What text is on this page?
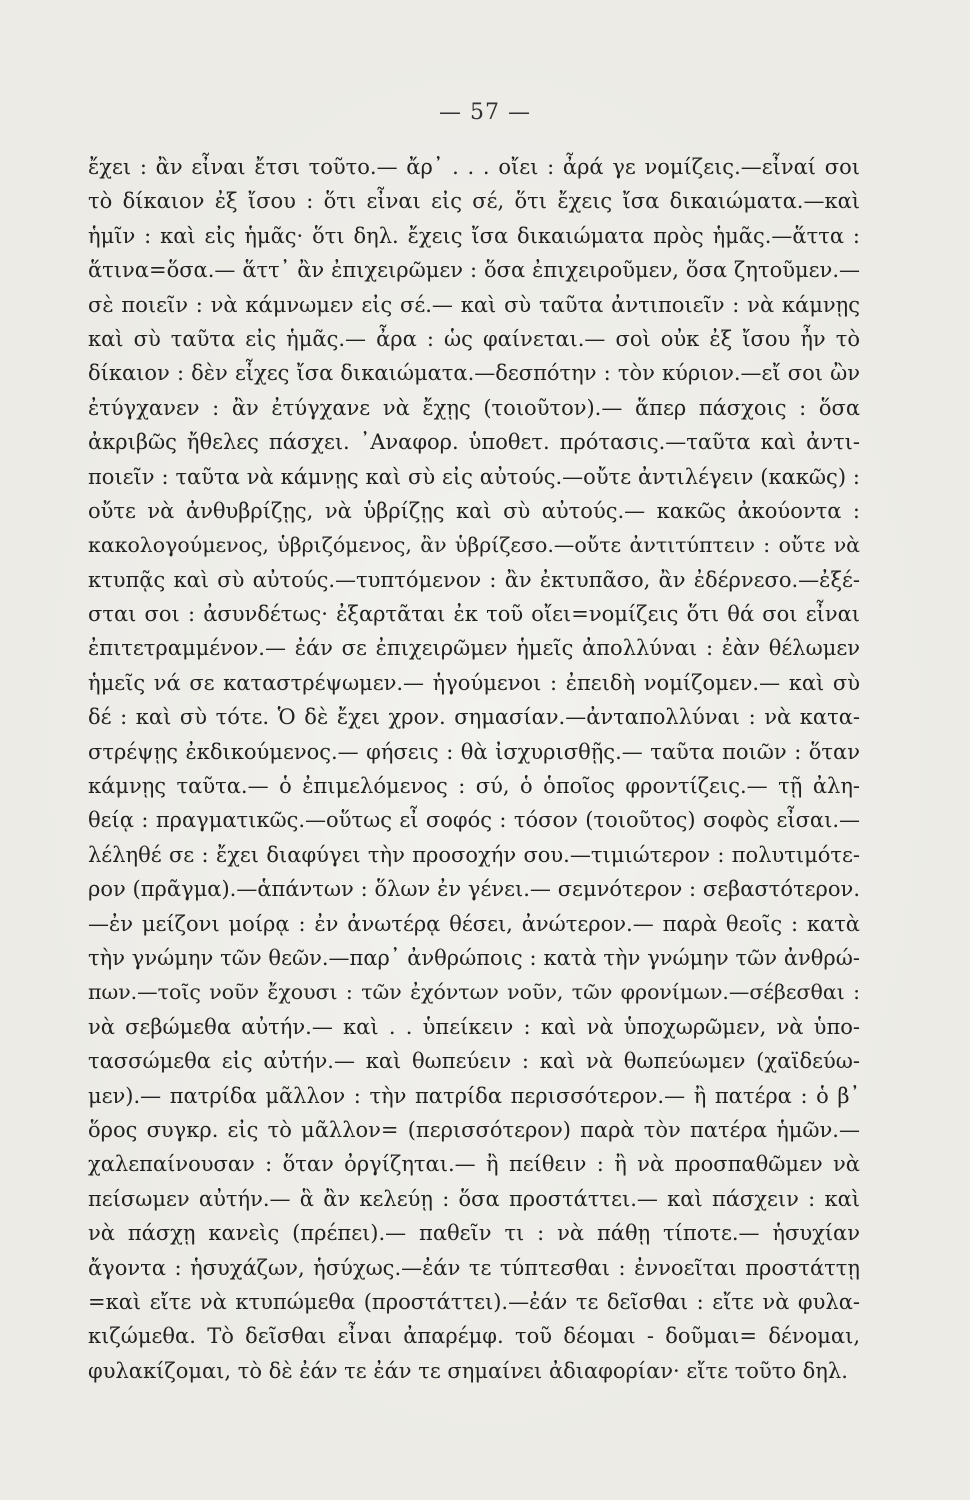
— 57 —
ἔχει : ἂν εἶναι ἔτσι τοῦτο.— ἄρ᾽ . . . οἴει : ἆρά γε νομίζεις.—εἶναί σοι
τὸ δίκαιον ἐξ ἴσου : ὅτι εἶναι εἰς σέ, ὅτι ἔχεις ἴσα δικαιώματα.—καὶ
ἡμῖν : καὶ εἰς ἡμᾶς· ὅτι δηλ. ἔχεις ἴσα δικαιώματα πρὸς ἡμᾶς.—ἅττα :
ἅτινα=ὅσα.— ἅττ᾽ ἂν ἐπιχειρῶμεν : ὅσα ἐπιχειροῦμεν, ὅσα ζητοῦμεν.—
σὲ ποιεῖν : νὰ κάμνωμεν εἰς σέ.— καὶ σὺ ταῦτα ἀντιποιεῖν : νὰ κάμνῃς
καὶ σὺ ταῦτα εἰς ἡμᾶς.— ἆρα : ὡς φαίνεται.— σοὶ οὐκ ἐξ ἴσου ἦν τὸ
δίκαιον : δὲν εἶχες ἴσα δικαιώματα.—δεσπότην : τὸν κύριον.—εἴ σοι ὢν
ἐτύγχανεν : ἂν ἐτύγχανε νὰ ἔχῃς (τοιοῦτον).— ἅπερ πάσχοις : ὅσα
ἀκριβῶς ἤθελες πάσχει. ᾽Αναφορ. ὑποθετ. πρότασις.—ταῦτα καὶ ἀντι-
ποιεῖν : ταῦτα νὰ κάμνῃς καὶ σὺ εἰς αὐτούς.—οὔτε ἀντιλέγειν (κακῶς) :
οὔτε νὰ ἀνθυβρίζῃς, νὰ ὑβρίζῃς καὶ σὺ αὐτούς.— κακῶς ἀκούοντα :
κακολογούμενος, ὑβριζόμενος, ἂν ὑβρίζεσο.—οὔτε ἀντιτύπτειν : οὔτε νὰ
κτυπᾷς καὶ σὺ αὐτούς.—τυπτόμενον : ἂν ἐκτυπᾶσο, ἂν ἐδέρνεσο.—ἐξέ-
σται σοι : ἀσυνδέτως· ἐξαρτᾶται ἐκ τοῦ οἴει=νομίζεις ὅτι θά σοι εἶναι
ἐπιτετραμμένον.— ἐάν σε ἐπιχειρῶμεν ἡμεῖς ἀπολλύναι : ἐὰν θέλωμεν
ἡμεῖς νά σε καταστρέψωμεν.— ἡγούμενοι : ἐπειδὴ νομίζομεν.— καὶ σὺ
δέ : καὶ σὺ τότε. Ὁ δὲ ἔχει χρον. σημασίαν.—ἀνταπολλύναι : νὰ κατα-
στρέψῃς ἐκδικούμενος.— φήσεις : θὰ ἰσχυρισθῇς.— ταῦτα ποιῶν : ὅταν
κάμνῃς ταῦτα.— ὁ ἐπιμελόμενος : σύ, ὁ ὁποῖος φροντίζεις.— τῇ ἀλη-
θείᾳ : πραγματικῶς.—οὕτως εἶ σοφός : τόσον (τοιοῦτος) σοφὸς εἶσαι.—
λέληθέ σε : ἔχει διαφύγει τὴν προσοχήν σου.—τιμιώτερον : πολυτιμότε-
ρον (πρᾶγμα).—ἁπάντων : ὅλων ἐν γένει.— σεμνότερον : σεβαστότερον.
—ἐν μείζονι μοίρᾳ : ἐν ἀνωτέρᾳ θέσει, ἀνώτερον.— παρὰ θεοῖς : κατὰ
τὴν γνώμην τῶν θεῶν.—παρ᾽ ἀνθρώποις : κατὰ τὴν γνώμην τῶν ἀνθρώ-
πων.—τοῖς νοῦν ἔχουσι : τῶν ἐχόντων νοῦν, τῶν φρονίμων.—σέβεσθαι :
νὰ σεβώμεθα αὐτήν.— καὶ . . ὑπείκειν : καὶ νὰ ὑποχωρῶμεν, νὰ ὑπο-
τασσώμεθα εἰς αὐτήν.— καὶ θωπεύειν : καὶ νὰ θωπεύωμεν (χαϊδεύω-
μεν).— πατρίδα μᾶλλον : τὴν πατρίδα περισσότερον.— ἢ πατέρα : ὁ β᾽
ὅρος συγκρ. εἰς τὸ μᾶλλον= (περισσότερον) παρὰ τὸν πατέρα ἡμῶν.—
χαλεπαίνουσαν : ὅταν ὀργίζηται.— ἢ πείθειν : ἢ νὰ προσπαθῶμεν νὰ
πείσωμεν αὐτήν.— ἃ ἂν κελεύῃ : ὅσα προστάττει.— καὶ πάσχειν : καὶ
νὰ πάσχῃ κανεὶς (πρέπει).— παθεῖν τι : νὰ πάθῃ τίποτε.— ἡσυχίαν
ἄγοντα : ἡσυχάζων, ἡσύχως.—ἐάν τε τύπτεσθαι : ἐννοεῖται προστάττῃ
=καὶ εἴτε νὰ κτυπώμεθα (προστάττει).—ἐάν τε δεῖσθαι : εἴτε νὰ φυλα-
κιζώμεθα. Τὸ δεῖσθαι εἶναι ἀπαρέμφ. τοῦ δέομαι - δοῦμαι= δένομαι,
φυλακίζομαι, τὸ δὲ ἐάν τε ἐάν τε σημαίνει ἀδιαφορίαν· εἴτε τοῦτο δηλ.
